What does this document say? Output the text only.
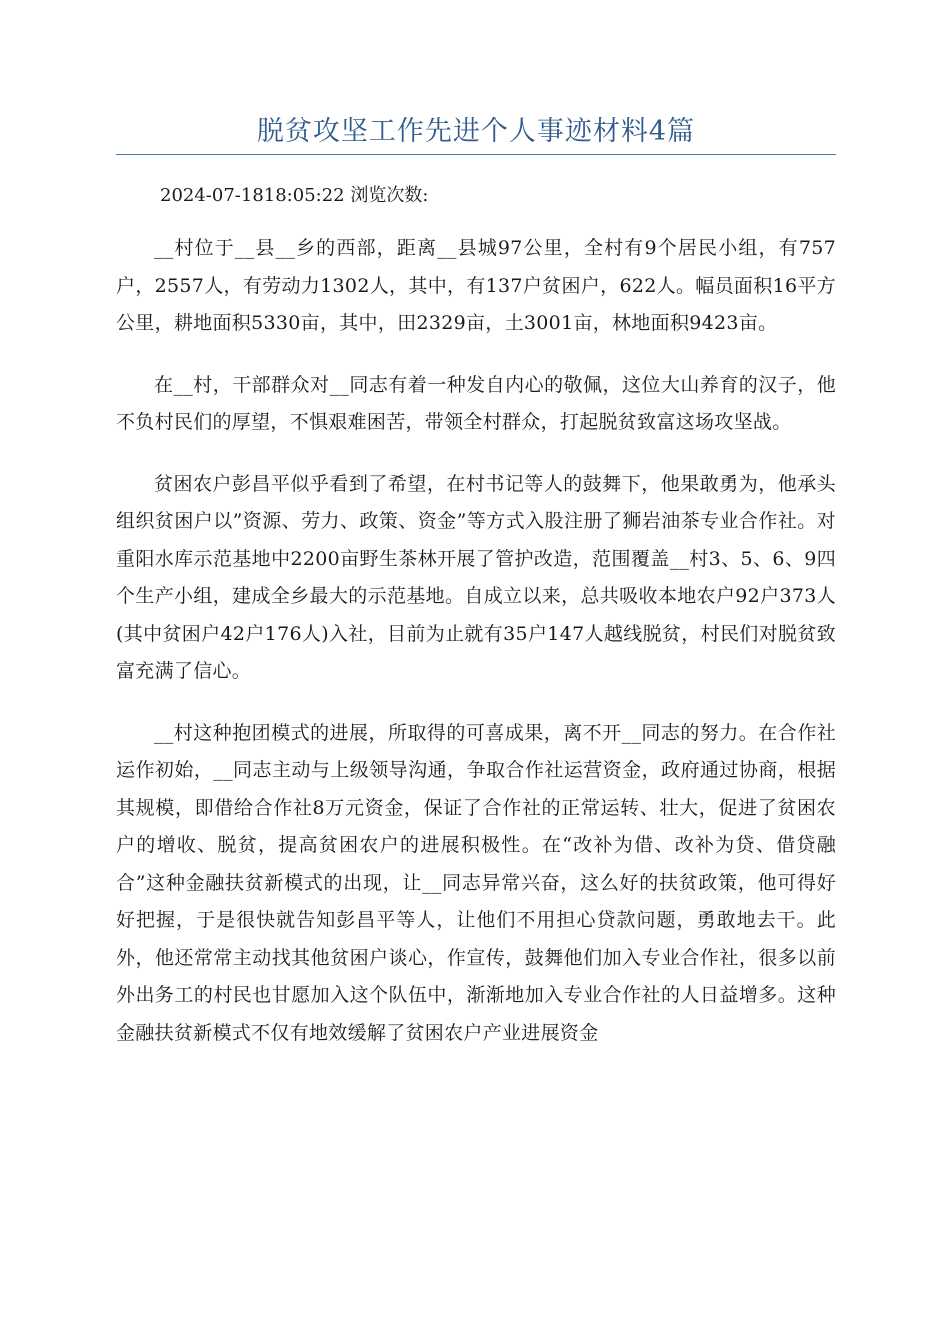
脱贫攻坚工作先进个人事迹材料4篇
2024-07-1818:05:22 浏览次数:

__村位于__县__乡的西部，距离__县城97公里，全村有9个居民小组，有757户，2557人，有劳动力1302人，其中，有137户贫困户，622人。幅员面积16平方公里，耕地面积5330亩，其中，田2329亩，土3001亩，林地面积9423亩。

在__村，干部群众对__同志有着一种发自内心的敬佩，这位大山养育的汉子，他不负村民们的厚望，不惧艰难困苦，带领全村群众，打起脱贫致富这场攻坚战。

贫困农户彭昌平似乎看到了希望，在村书记等人的鼓舞下，他果敢勇为，他承头组织贫困户以”资源、劳力、政策、资金”等方式入股注册了狮岩油茶专业合作社。对重阳水库示范基地中2200亩野生茶林开展了管护改造，范围覆盖__村3、5、6、9四个生产小组，建成全乡最大的示范基地。自成立以来，总共吸收本地农户92户373人(其中贫困户42户176人)入社，目前为止就有35户147人越线脱贫，村民们对脱贫致富充满了信心。

__村这种抱团模式的进展，所取得的可喜成果，离不开__同志的努力。在合作社运作初始，__同志主动与上级领导沟通，争取合作社运营资金，政府通过协商，根据其规模，即借给合作社8万元资金，保证了合作社的正常运转、壮大，促进了贫困农户的增收、脱贫，提高贫困农户的进展积极性。在“改补为借、改补为贷、借贷融合”这种金融扶贫新模式的出现，让__同志异常兴奋，这么好的扶贫政策，他可得好好把握，于是很快就告知彭昌平等人，让他们不用担心贷款问题，勇敢地去干。此外，他还常常主动找其他贫困户谈心，作宣传，鼓舞他们加入专业合作社，很多以前外出务工的村民也甘愿加入这个队伍中，渐渐地加入专业合作社的人日益增多。这种金融扶贫新模式不仅有地效缓解了贫困农户产业进展资金
